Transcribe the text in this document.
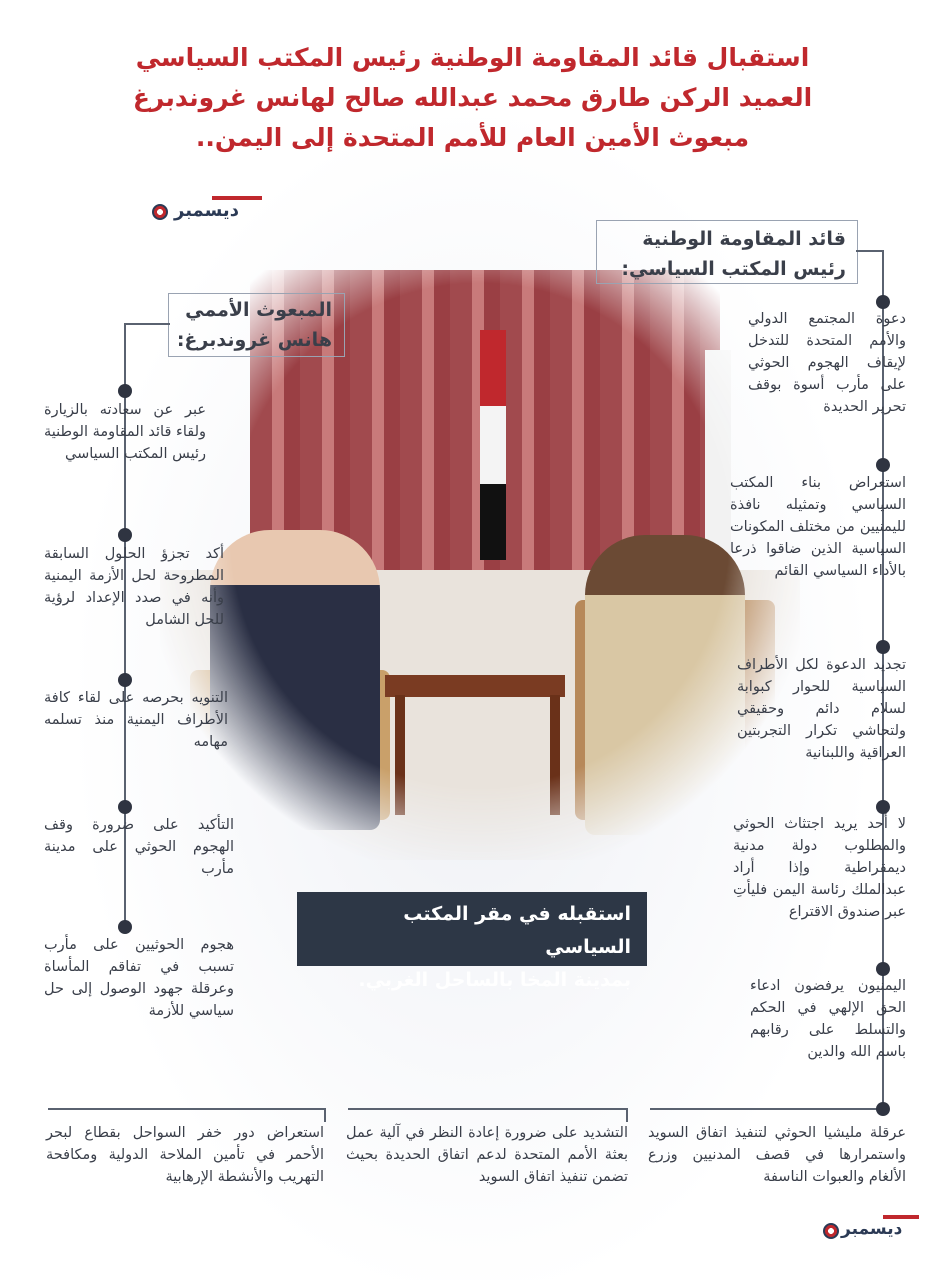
استقبال قائد المقاومة الوطنية رئيس المكتب السياسي
العميد الركن طارق محمد عبدالله صالح لهانس غروندبرغ
مبعوث الأمين العام للأمم المتحدة إلى اليمن..
ديسمبر
قائد المقاومة الوطنية
رئيس المكتب السياسي:
دعوة المجتمع الدولي والأمم المتحدة للتدخل لإيقاف الهجوم الحوثي على مأرب أسوة بوقف تحرير الحديدة
استعراض بناء المكتب السياسي وتمثيله نافذة لليمنيين من مختلف المكونات السياسية الذين ضاقوا ذرعا بالأداء السياسي القائم
تجديد الدعوة لكل الأطراف السياسية للحوار كبوابة لسلام دائم وحقيقي ولتحاشي تكرار التجربتين العراقية واللبنانية
لا أحد يريد اجتثاث الحوثي والمطلوب دولة مدنية ديمقراطية وإذا أراد عبدالملك رئاسة اليمن فليأتِ عبر صندوق الاقتراع
اليمنيون يرفضون ادعاء الحق الإلهي في الحكم والتسلط على رقابهم باسم الله والدين
عرقلة مليشيا الحوثي لتنفيذ اتفاق السويد واستمرارها في قصف المدنيين وزرع الألغام والعبوات الناسفة
التشديد على ضرورة إعادة النظر في آلية عمل بعثة الأمم المتحدة لدعم اتفاق الحديدة بحيث تضمن تنفيذ اتفاق السويد
استعراض دور خفر السواحل بقطاع لبحر الأحمر في تأمين الملاحة الدولية ومكافحة التهريب والأنشطة الإرهابية
المبعوث الأممي
هانس غروندبرغ:
عبر عن سعادته بالزيارة ولقاء قائد المقاومة الوطنية رئيس المكتب السياسي
أكد تجزؤ الحلول السابقة المطروحة لحل الأزمة اليمنية وأنه في صدد الإعداد لرؤية للحل الشامل
التنويه بحرصه على لقاء كافة الأطراف اليمنية منذ تسلمه مهامه
التأكيد على ضرورة وقف الهجوم الحوثي على مدينة مأرب
هجوم الحوثيين على مأرب تسبب في تفاقم المأساة وعرقلة جهود الوصول إلى حل سياسي للأزمة
استقبله في مقر المكتب السياسي
بمدينة المخا بالساحل الغربي.
ديسمبر
